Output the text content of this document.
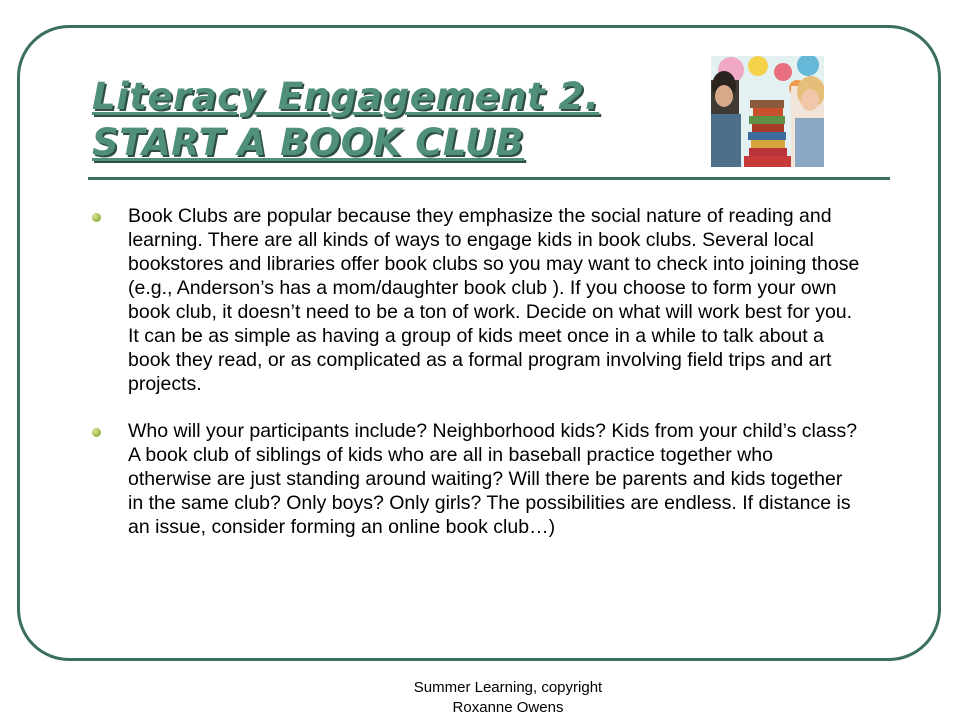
Literacy Engagement 2.
START A BOOK CLUB
Book Clubs are popular because they emphasize the social nature of reading and learning. There are all kinds of ways to engage kids in book clubs. Several local bookstores and libraries offer book clubs so you may want to check into joining those (e.g., Anderson’s has a mom/daughter book club ). If you choose to form your own book club, it doesn’t need to be a ton of work. Decide on what will work best for you. It can be as simple as having a group of kids meet once in a while to talk about a book they read, or as complicated as a formal program involving field trips and art projects.
Who will your participants include? Neighborhood kids? Kids from your child’s class? A book club of siblings of kids who are all in baseball practice together who otherwise are just standing around waiting? Will there be parents and kids together in the same club? Only boys? Only girls? The possibilities are endless. If distance is an issue, consider forming an online book club…)
Summer Learning, copyright
Roxanne Owens
